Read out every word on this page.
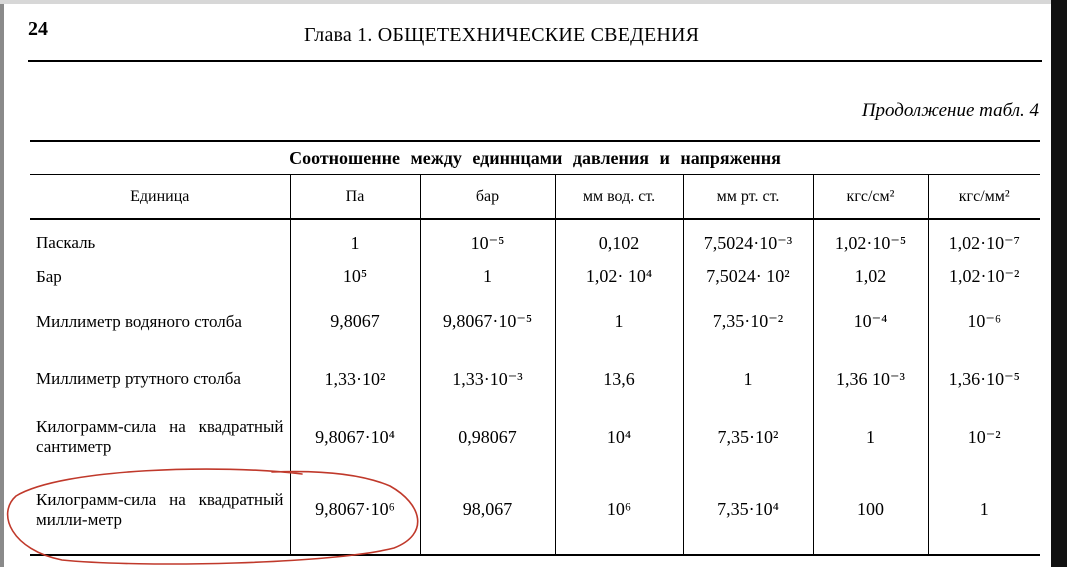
24	Глава 1. ОБЩЕТЕХНИЧЕСКИЕ СВЕДЕНИЯ
Продолжение табл. 4
Соотношенне между единнцами давления и напряження						
Единица	Па	бар	мм вод. ст.	мм рт. ст.	кгс/см²	кгс/мм²
Паскаль	1	10⁻⁵	0,102	7,5024·10⁻³	1,02·10⁻⁵	1,02·10⁻⁷
Бар	10⁵	1	1,02· 10⁴	7,5024· 10²	1,02	1,02·10⁻²
Миллиметр водяного столба	9,8067	9,8067·10⁻⁵	1	7,35·10⁻²	10⁻⁴	10⁻⁶
Миллиметр ртутного столба	1,33·10²	1,33·10⁻³	13,6	1	1,36 10⁻³	1,36·10⁻⁵
Килограмм-сила на квадратный сантиметр	9,8067·10⁴	0,98067	10⁴	7,35·10²	1	10⁻²
Килограмм-сила на квадратный милли-метр	9,8067·10⁶	98,067	10⁶	7,35·10⁴	100	1
